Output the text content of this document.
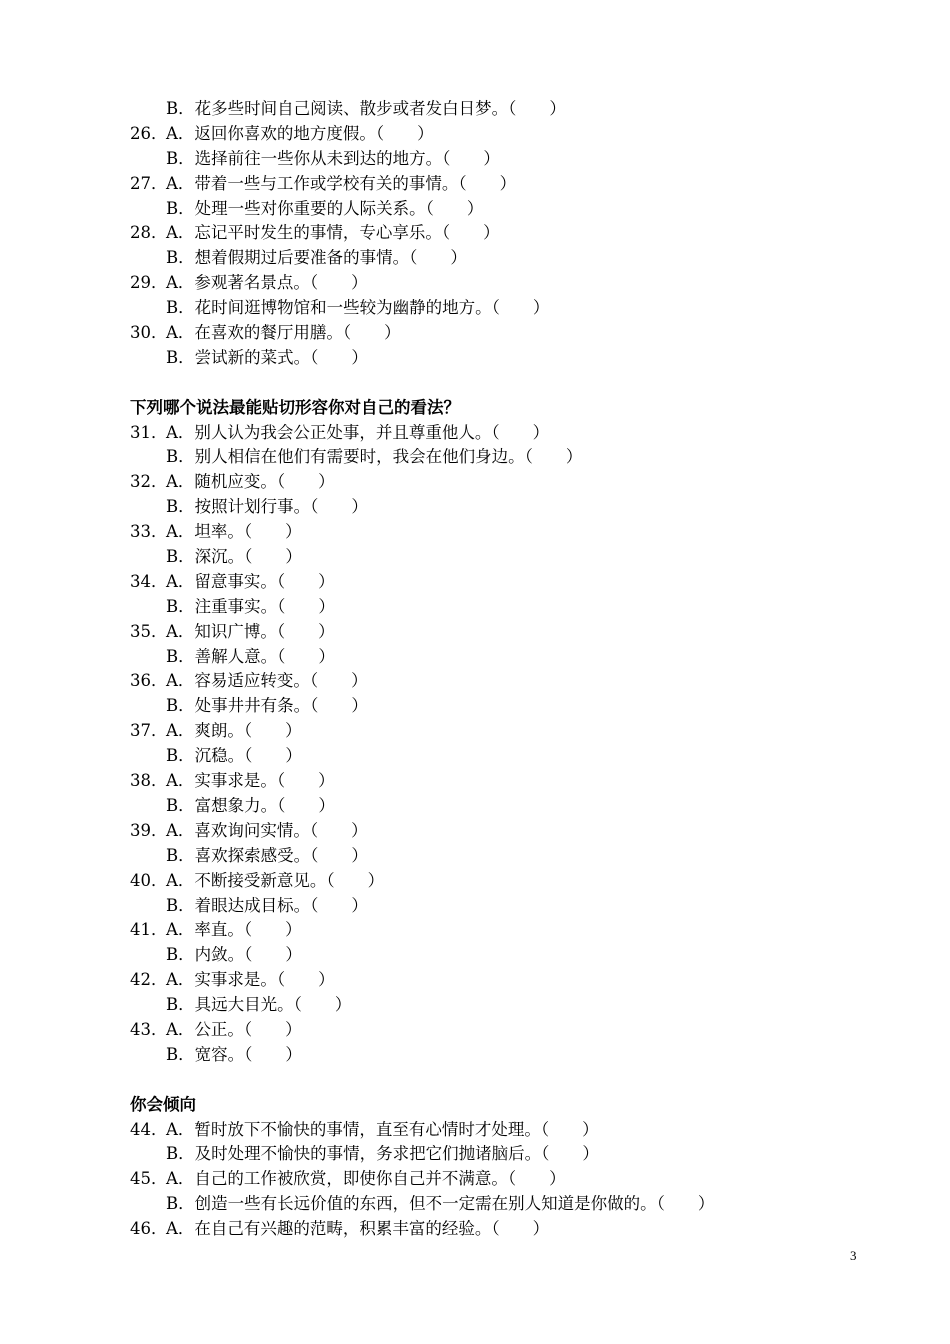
B．花多些时间自己阅读、散步或者发白日梦。（　　）
26．
A．返回你喜欢的地方度假。（　　）
B．选择前往一些你从未到达的地方。（　　）
27．
A．带着一些与工作或学校有关的事情。（　　）
B．处理一些对你重要的人际关系。（　　）
28．
A．忘记平时发生的事情，专心享乐。（　　）
B．想着假期过后要准备的事情。（　　）
29．
A．参观著名景点。（　　）
B．花时间逛博物馆和一些较为幽静的地方。（　　）
30．
A．在喜欢的餐厅用膳。（　　）
B．尝试新的菜式。（　　）
下列哪个说法最能贴切形容你对自己的看法？
31．
A．别人认为我会公正处事，并且尊重他人。（　　）
B．别人相信在他们有需要时，我会在他们身边。（　　）
32．
A．随机应变。（　　）
B．按照计划行事。（　　）
33．
A．坦率。（　　）
B．深沉。（　　）
34．
A．留意事实。（　　）
B．注重事实。（　　）
35．
A．知识广博。（　　）
B．善解人意。（　　）
36．
A．容易适应转变。（　　）
B．处事井井有条。（　　）
37．
A．爽朗。（　　）
B．沉稳。（　　）
38．
A．实事求是。（　　）
B．富想象力。（　　）
39．
A．喜欢询问实情。（　　）
B．喜欢探索感受。（　　）
40．
A．不断接受新意见。（　　）
B．着眼达成目标。（　　）
41．
A．率直。（　　）
B．内敛。（　　）
42．
A．实事求是。（　　）
B．具远大目光。（　　）
43．
A．公正。（　　）
B．宽容。（　　）
你会倾向
44．
A．暂时放下不愉快的事情，直至有心情时才处理。（　　）
B．及时处理不愉快的事情，务求把它们抛诸脑后。（　　）
45．
A．自己的工作被欣赏，即使你自己并不满意。（　　）
B．创造一些有长远价值的东西，但不一定需在别人知道是你做的。（　　）
46．
A．在自己有兴趣的范畴，积累丰富的经验。（　　）
3
